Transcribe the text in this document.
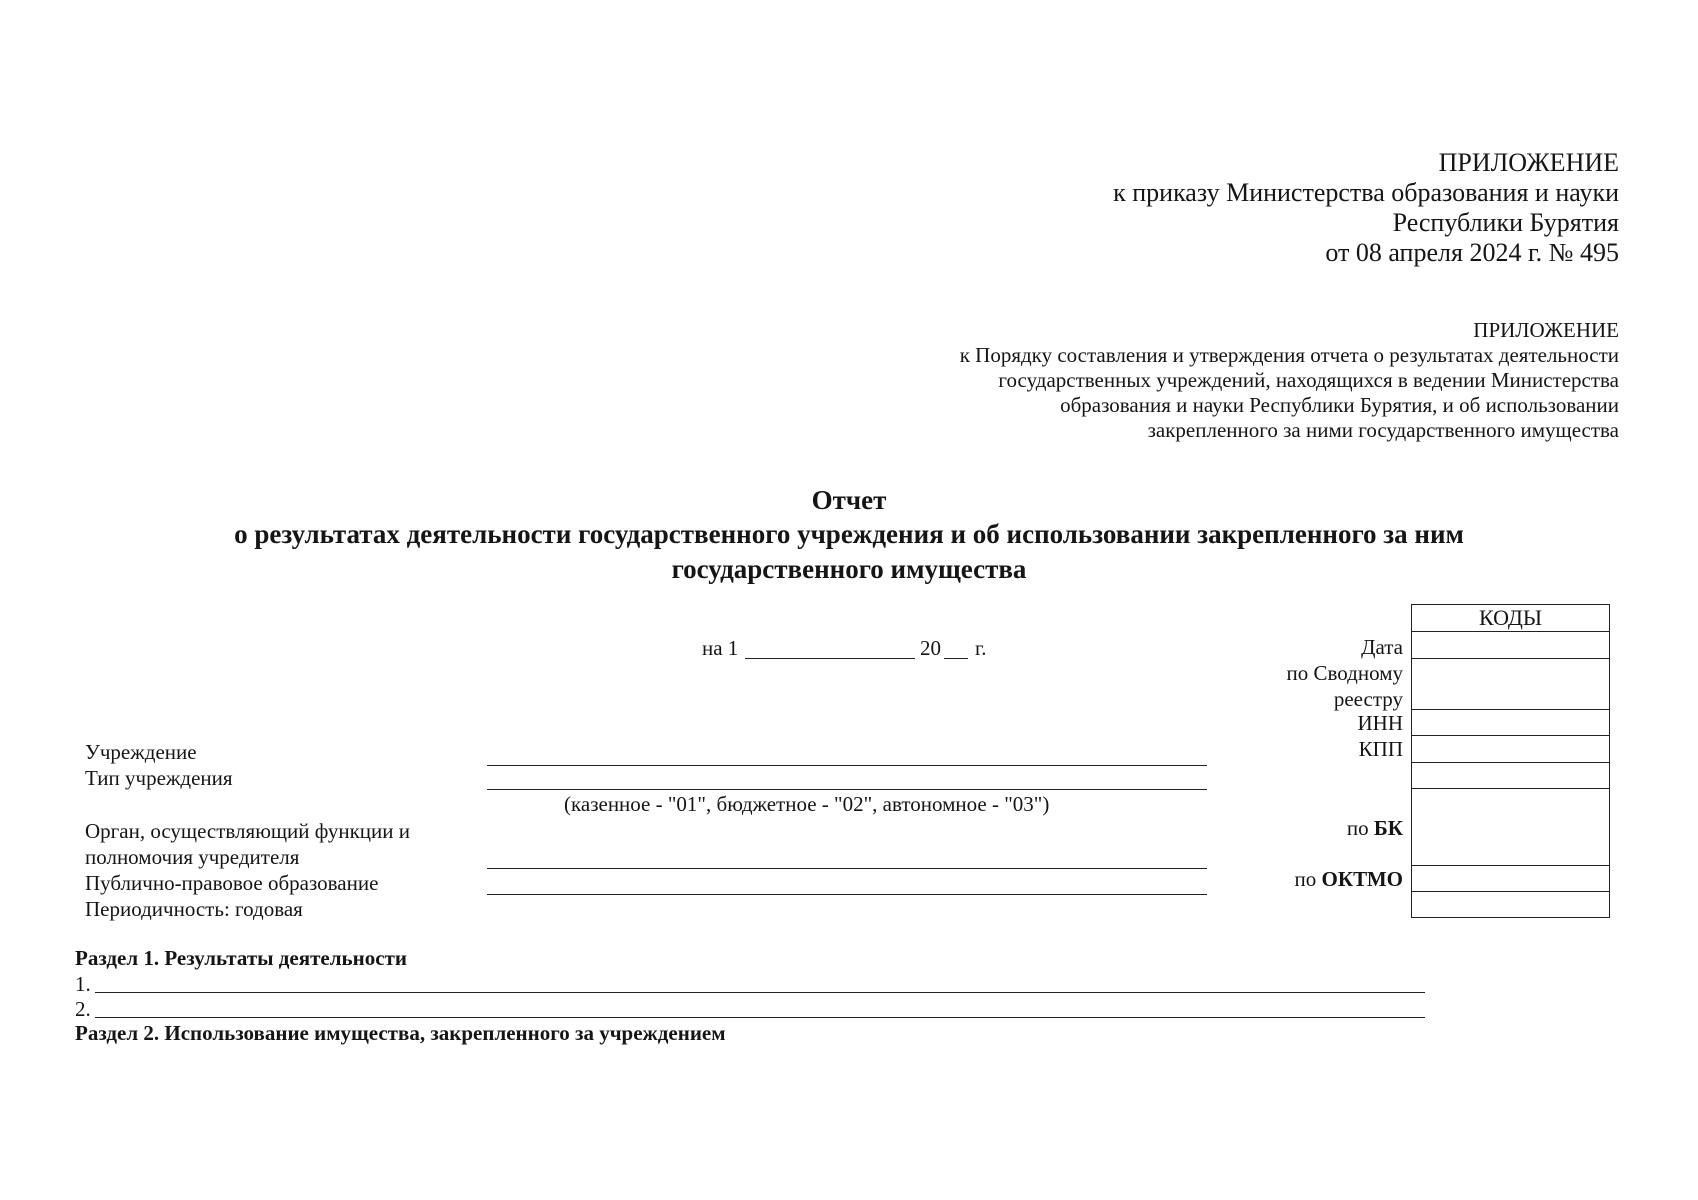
ПРИЛОЖЕНИЕ
к приказу Министерства образования и науки
Республики Бурятия
от 08 апреля 2024 г. № 495
ПРИЛОЖЕНИЕ
к Порядку составления и утверждения отчета о результатах деятельности
государственных учреждений, находящихся в ведении Министерства
образования и науки Республики Бурятия, и об использовании
закрепленного за ними государственного имущества
Отчет
о результатах деятельности государственного учреждения и об использовании закрепленного за ним
государственного имущества
на 1	20 г.	Дата
по Сводному
реестру
ИНН
КПП
по БК
по ОКТМО
КОДЫ
Учреждение
Тип учреждения
(казенное - "01", бюджетное - "02", автономное - "03")
Орган, осуществляющий функции и
полномочия учредителя
Публично-правовое образование
Периодичность: годовая
Раздел 1. Результаты деятельности
1.
2.
Раздел 2. Использование имущества, закрепленного за учреждением
